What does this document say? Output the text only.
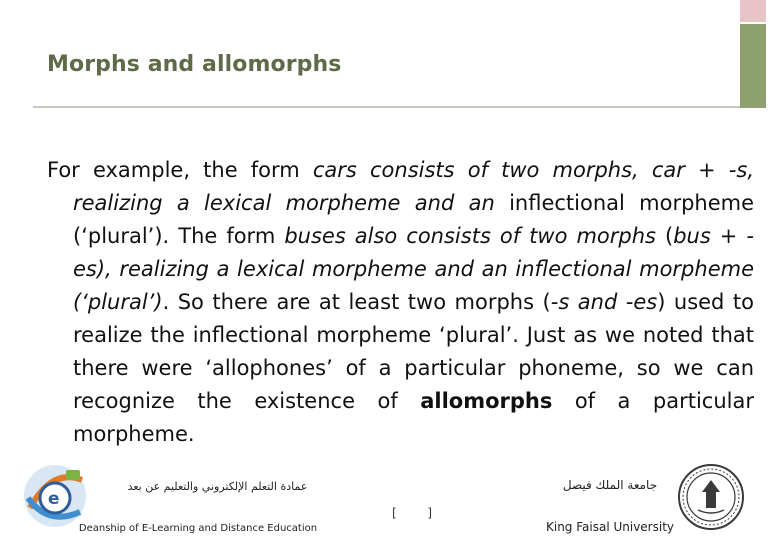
Morphs and allomorphs

For example, the form cars consists of two morphs, car + -s, realizing a lexical morpheme and an inflectional morpheme (‘plural’). The form buses also consists of two morphs (bus + -es), realizing a lexical morpheme and an inflectional morpheme (‘plural’). So there are at least two morphs (-s and -es) used to realize the inflectional morpheme ‘plural’. Just as we noted that there were ‘allophones’ of a particular phoneme, so we can recognize the existence of allomorphs of a particular morpheme.

e
عمادة التعلم الإلكتروني والتعليم عن بعد
Deanship of E-Learning and Distance Education
[	]
جامعة الملك فيصل
King Faisal University
